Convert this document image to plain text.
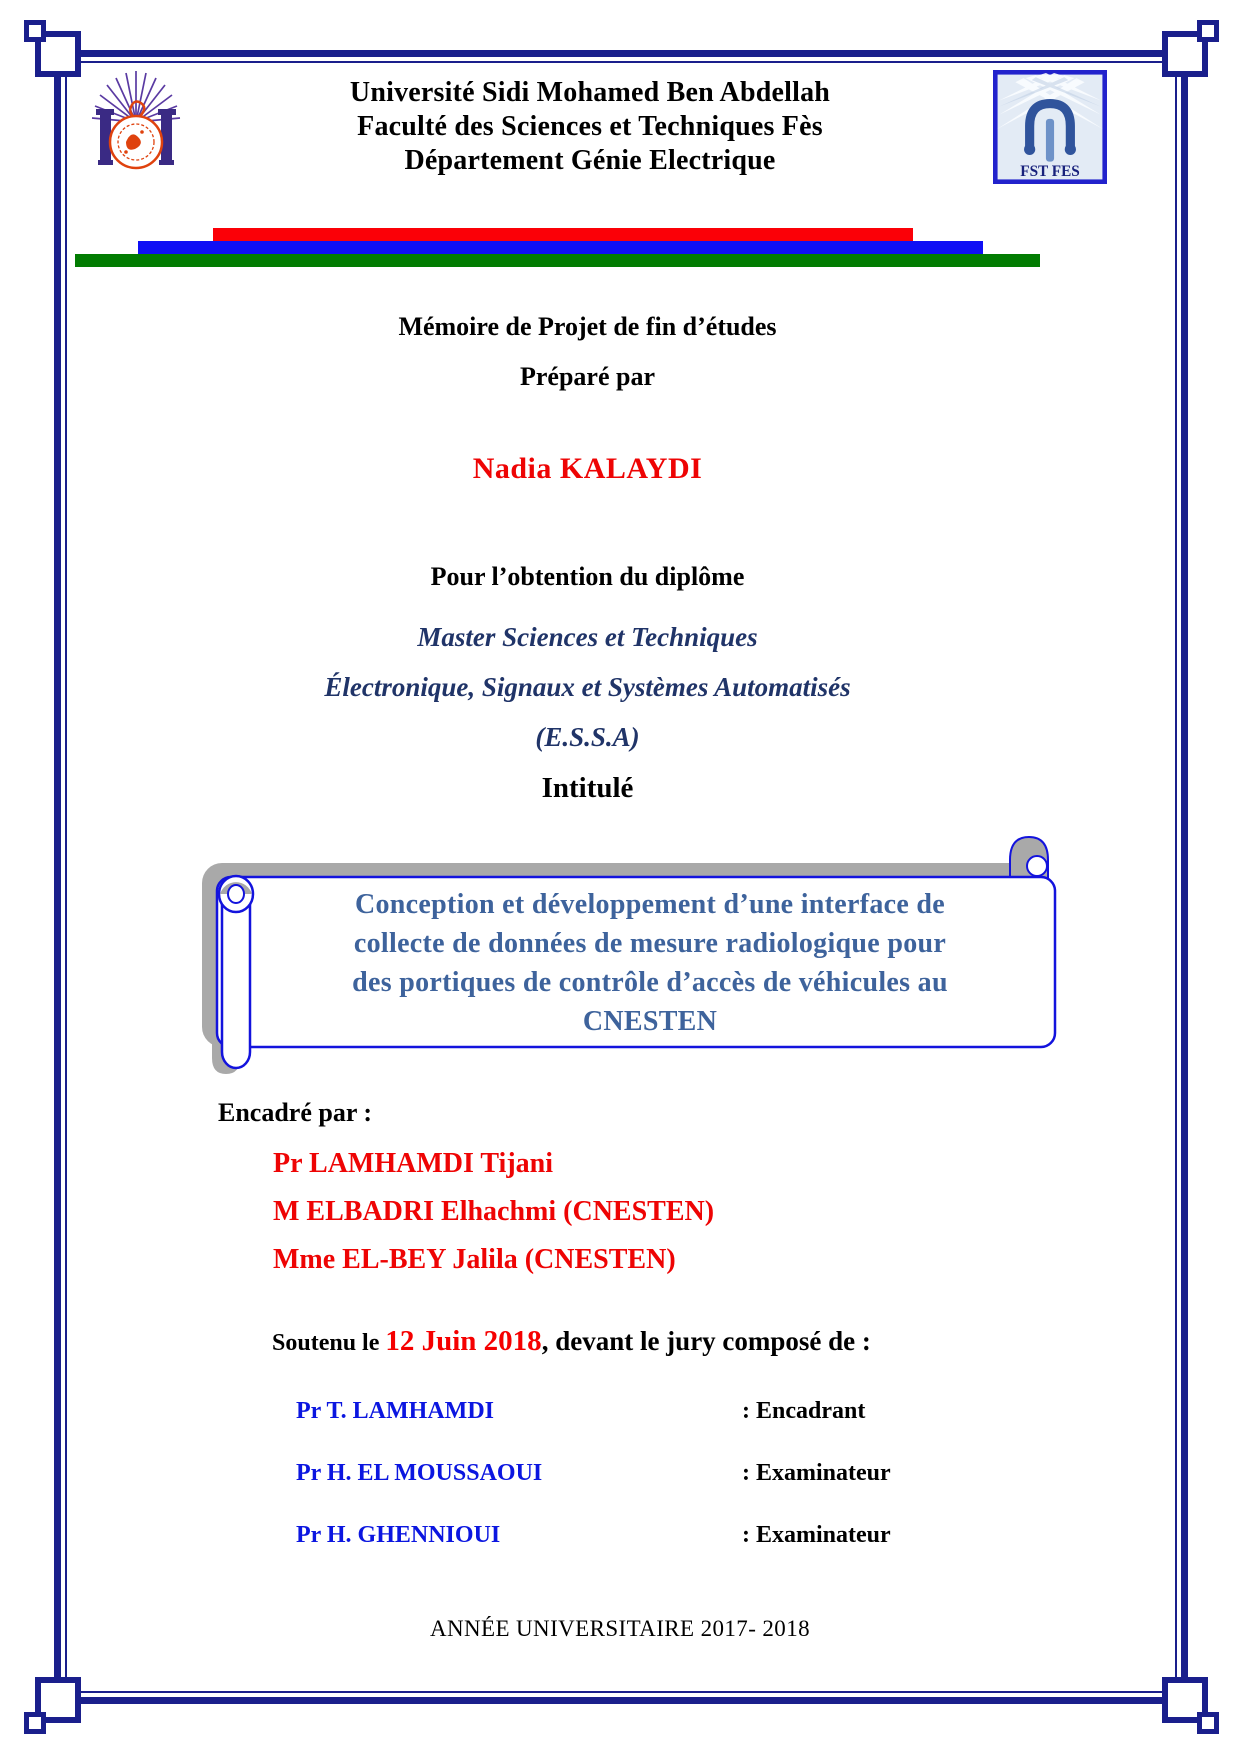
Université Sidi Mohamed Ben Abdellah
Faculté des Sciences et Techniques Fès
Département Génie Electrique	FST FES
Mémoire de Projet de fin d’études
Préparé par
Nadia KALAYDI
Pour l’obtention du diplôme
Master Sciences et Techniques
Électronique, Signaux et Systèmes Automatisés
(E.S.S.A)
Intitulé
Conception et développement d’une interface de
collecte de données de mesure radiologique pour
des portiques de contrôle d’accès de véhicules au
CNESTEN
Encadré par :
Pr LAMHAMDI Tijani
M ELBADRI Elhachmi (CNESTEN)
Mme EL-BEY Jalila (CNESTEN)
Soutenu le 12 Juin 2018, devant le jury composé de :
Pr T. LAMHAMDI	: Encadrant
Pr H. EL MOUSSAOUI	: Examinateur
Pr H. GHENNIOUI	: Examinateur
ANNÉE UNIVERSITAIRE 2017- 2018
